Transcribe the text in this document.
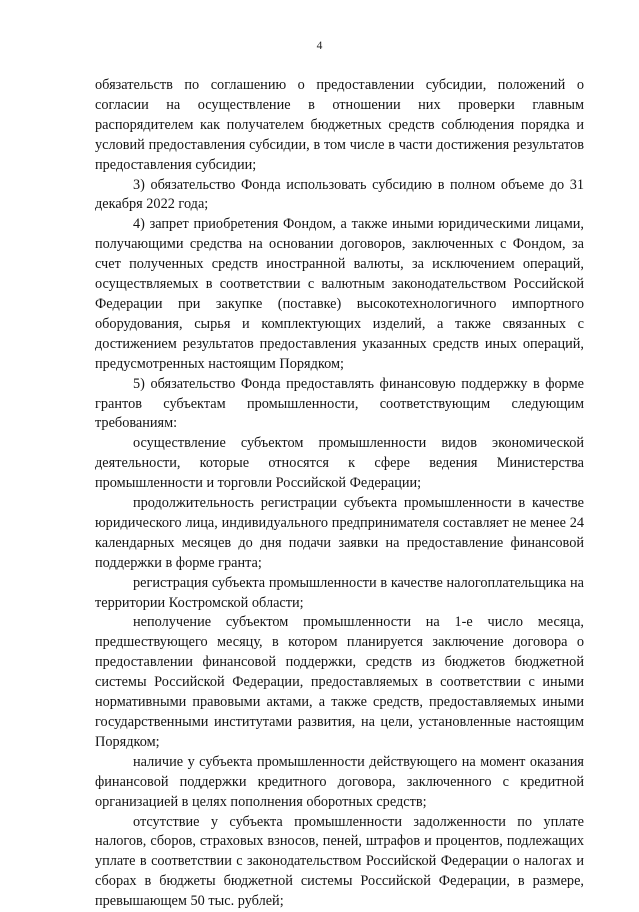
4

обязательств по соглашению о предоставлении субсидии, положений о согласии на осуществление в отношении них проверки главным распорядителем как получателем бюджетных средств соблюдения порядка и условий предоставления субсидии, в том числе в части достижения результатов предоставления субсидии;

3) обязательство Фонда использовать субсидию в полном объеме до 31 декабря 2022 года;

4) запрет приобретения Фондом, а также иными юридическими лицами, получающими средства на основании договоров, заключенных с Фондом, за счет полученных средств иностранной валюты, за исключением операций, осуществляемых в соответствии с валютным законодательством Российской Федерации при закупке (поставке) высокотехнологичного импортного оборудования, сырья и комплектующих изделий, а также связанных с достижением результатов предоставления указанных средств иных операций, предусмотренных настоящим Порядком;

5) обязательство Фонда предоставлять финансовую поддержку в форме грантов субъектам промышленности, соответствующим следующим требованиям:

осуществление субъектом промышленности видов экономической деятельности, которые относятся к сфере ведения Министерства промышленности и торговли Российской Федерации;

продолжительность регистрации субъекта промышленности в качестве юридического лица, индивидуального предпринимателя составляет не менее 24 календарных месяцев до дня подачи заявки на предоставление финансовой поддержки в форме гранта;

регистрация субъекта промышленности в качестве налогоплательщика на территории Костромской области;

неполучение субъектом промышленности на 1-е число месяца, предшествующего месяцу, в котором планируется заключение договора о предоставлении финансовой поддержки, средств из бюджетов бюджетной системы Российской Федерации, предоставляемых в соответствии с иными нормативными правовыми актами, а также средств, предоставляемых иными государственными институтами развития, на цели, установленные настоящим Порядком;

наличие у субъекта промышленности действующего на момент оказания финансовой поддержки кредитного договора, заключенного с кредитной организацией в целях пополнения оборотных средств;

отсутствие у субъекта промышленности задолженности по уплате налогов, сборов, страховых взносов, пеней, штрафов и процентов, подлежащих уплате в соответствии с законодательством Российской Федерации о налогах и сборах в бюджеты бюджетной системы Российской Федерации, в размере, превышающем 50 тыс. рублей;
